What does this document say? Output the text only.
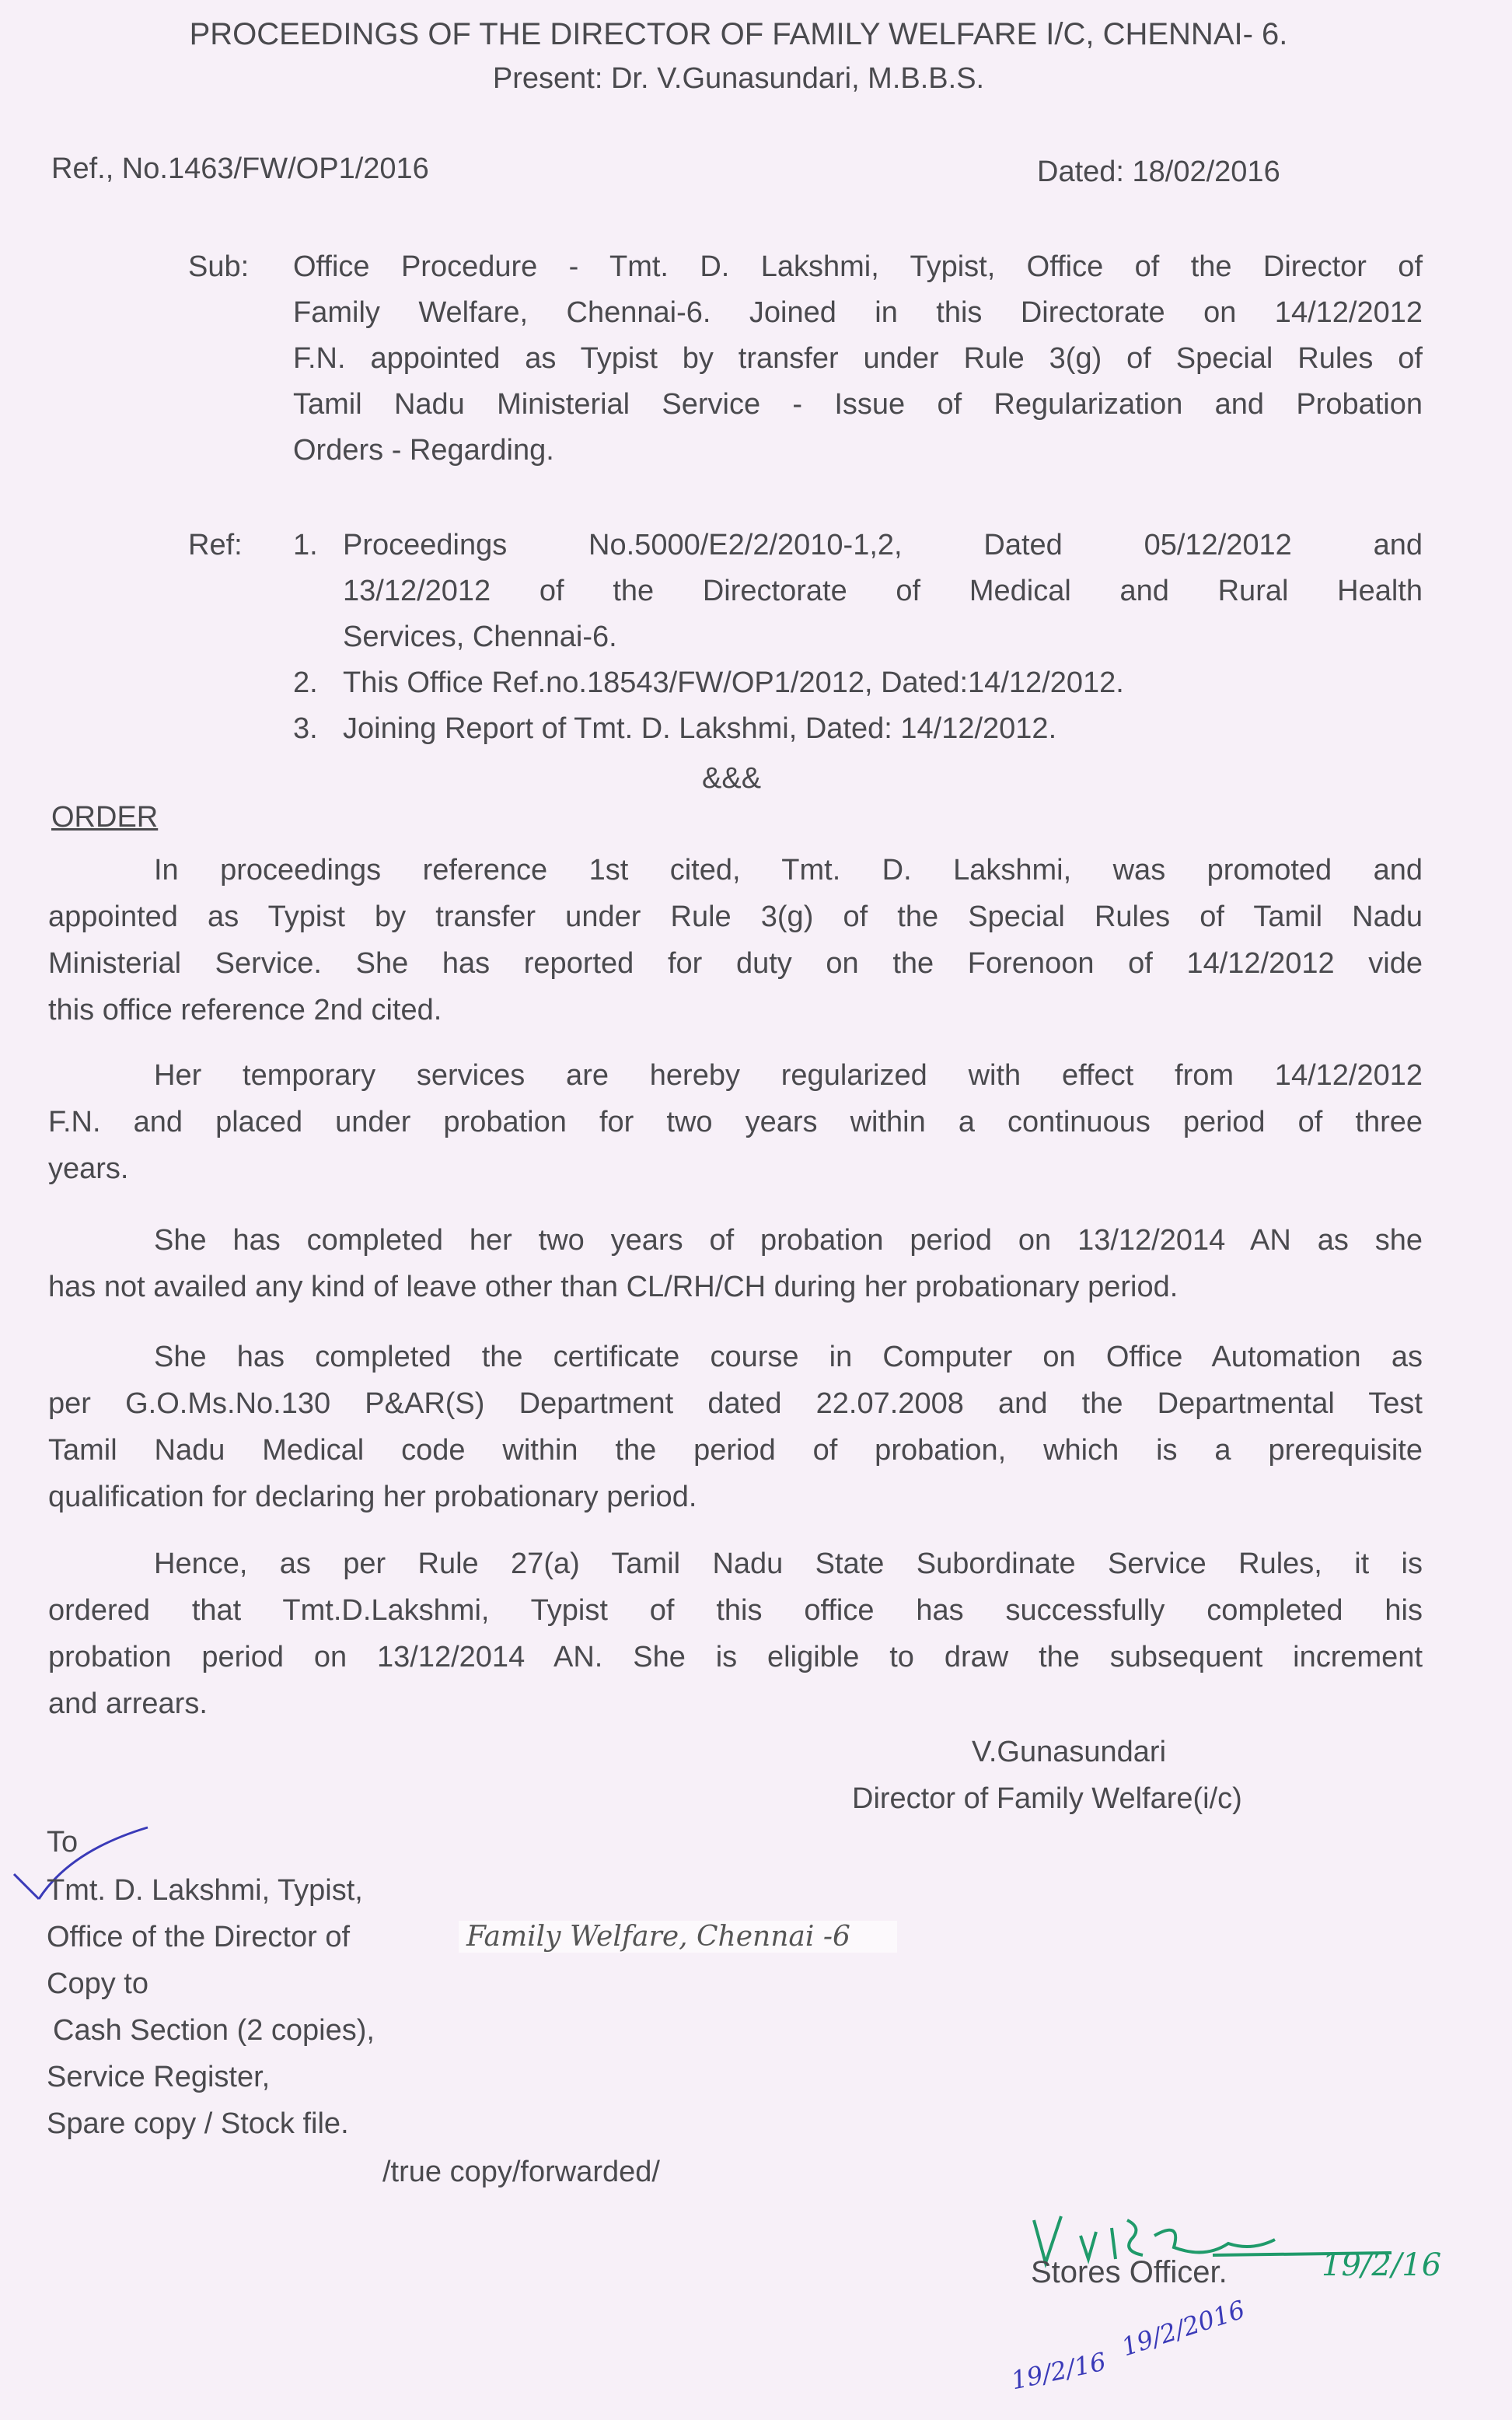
PROCEEDINGS OF THE DIRECTOR OF FAMILY WELFARE I/C, CHENNAI- 6.
Present: Dr. V.Gunasundari, M.B.B.S.
Ref., No.1463/FW/OP1/2016	Dated: 18/02/2016
Sub: Office Procedure - Tmt. D. Lakshmi, Typist, Office of the Director of
Family Welfare, Chennai-6. Joined in this Directorate on 14/12/2012
F.N. appointed as Typist by transfer under Rule 3(g) of Special Rules of
Tamil Nadu Ministerial Service - Issue of Regularization and Probation
Orders - Regarding.
Ref: 1. Proceedings No.5000/E2/2/2010-1,2, Dated 05/12/2012 and
13/12/2012 of the Directorate of Medical and Rural Health
Services, Chennai-6.
2. This Office Ref.no.18543/FW/OP1/2012, Dated:14/12/2012.
3. Joining Report of Tmt. D. Lakshmi, Dated: 14/12/2012.
&&&
ORDER
In proceedings reference 1st cited, Tmt. D. Lakshmi, was promoted and
appointed as Typist by transfer under Rule 3(g) of the Special Rules of Tamil Nadu
Ministerial Service. She has reported for duty on the Forenoon of 14/12/2012 vide
this office reference 2nd cited.
Her temporary services are hereby regularized with effect from 14/12/2012
F.N. and placed under probation for two years within a continuous period of three
years.
She has completed her two years of probation period on 13/12/2014 AN as she
has not availed any kind of leave other than CL/RH/CH during her probationary period.
She has completed the certificate course in Computer on Office Automation as
per G.O.Ms.No.130 P&AR(S) Department dated 22.07.2008 and the Departmental Test
Tamil Nadu Medical code within the period of probation, which is a prerequisite
qualification for declaring her probationary period.
Hence, as per Rule 27(a) Tamil Nadu State Subordinate Service Rules, it is
ordered that Tmt.D.Lakshmi, Typist of this office has successfully completed his
probation period on 13/12/2014 AN. She is eligible to draw the subsequent increment
and arrears.
V.Gunasundari
Director of Family Welfare(i/c)
To
Tmt. D. Lakshmi, Typist,
Office of the Director of	Family Welfare, Chennai -6
Copy to
Cash Section (2 copies),
Service Register,
Spare copy / Stock file.
/true copy/forwarded/
Stores Officer.	19/2/16
19/2/16
19/2/2016
